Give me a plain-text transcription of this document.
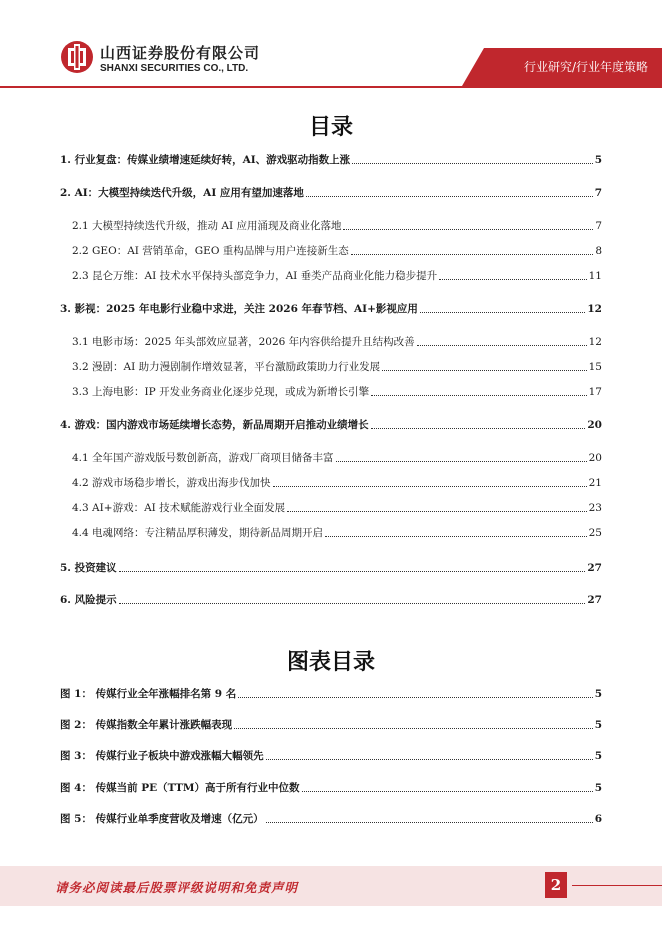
山西证券股份有限公司
SHANXI SECURITIES CO., LTD.	行业研究/行业年度策略
目录
1. 行业复盘：传媒业绩增速延续好转，AI、游戏驱动指数上涨	5
2. AI：大模型持续迭代升级，AI 应用有望加速落地	7
2.1 大模型持续迭代升级，推动 AI 应用涌现及商业化落地	7
2.2 GEO：AI 营销革命，GEO 重构品牌与用户连接新生态	8
2.3 昆仑万维：AI 技术水平保持头部竞争力，AI 垂类产品商业化能力稳步提升	11
3. 影视：2025 年电影行业稳中求进，关注 2026 年春节档、AI+影视应用	12
3.1 电影市场：2025 年头部效应显著，2026 年内容供给提升且结构改善	12
3.2 漫剧：AI 助力漫剧制作增效显著，平台激励政策助力行业发展	15
3.3 上海电影：IP 开发业务商业化逐步兑现，或成为新增长引擎	17
4. 游戏：国内游戏市场延续增长态势，新品周期开启推动业绩增长	20
4.1 全年国产游戏版号数创新高，游戏厂商项目储备丰富	20
4.2 游戏市场稳步增长，游戏出海步伐加快	21
4.3 AI+游戏：AI 技术赋能游戏行业全面发展	23
4.4 电魂网络：专注精品厚积薄发，期待新品周期开启	25
5. 投资建议	27
6. 风险提示	27
图表目录
图 1： 传媒行业全年涨幅排名第 9 名	5
图 2： 传媒指数全年累计涨跌幅表现	5
图 3： 传媒行业子板块中游戏涨幅大幅领先	5
图 4： 传媒当前 PE（TTM）高于所有行业中位数	5
图 5： 传媒行业单季度营收及增速（亿元）	6
请务必阅读最后股票评级说明和免责声明	2
